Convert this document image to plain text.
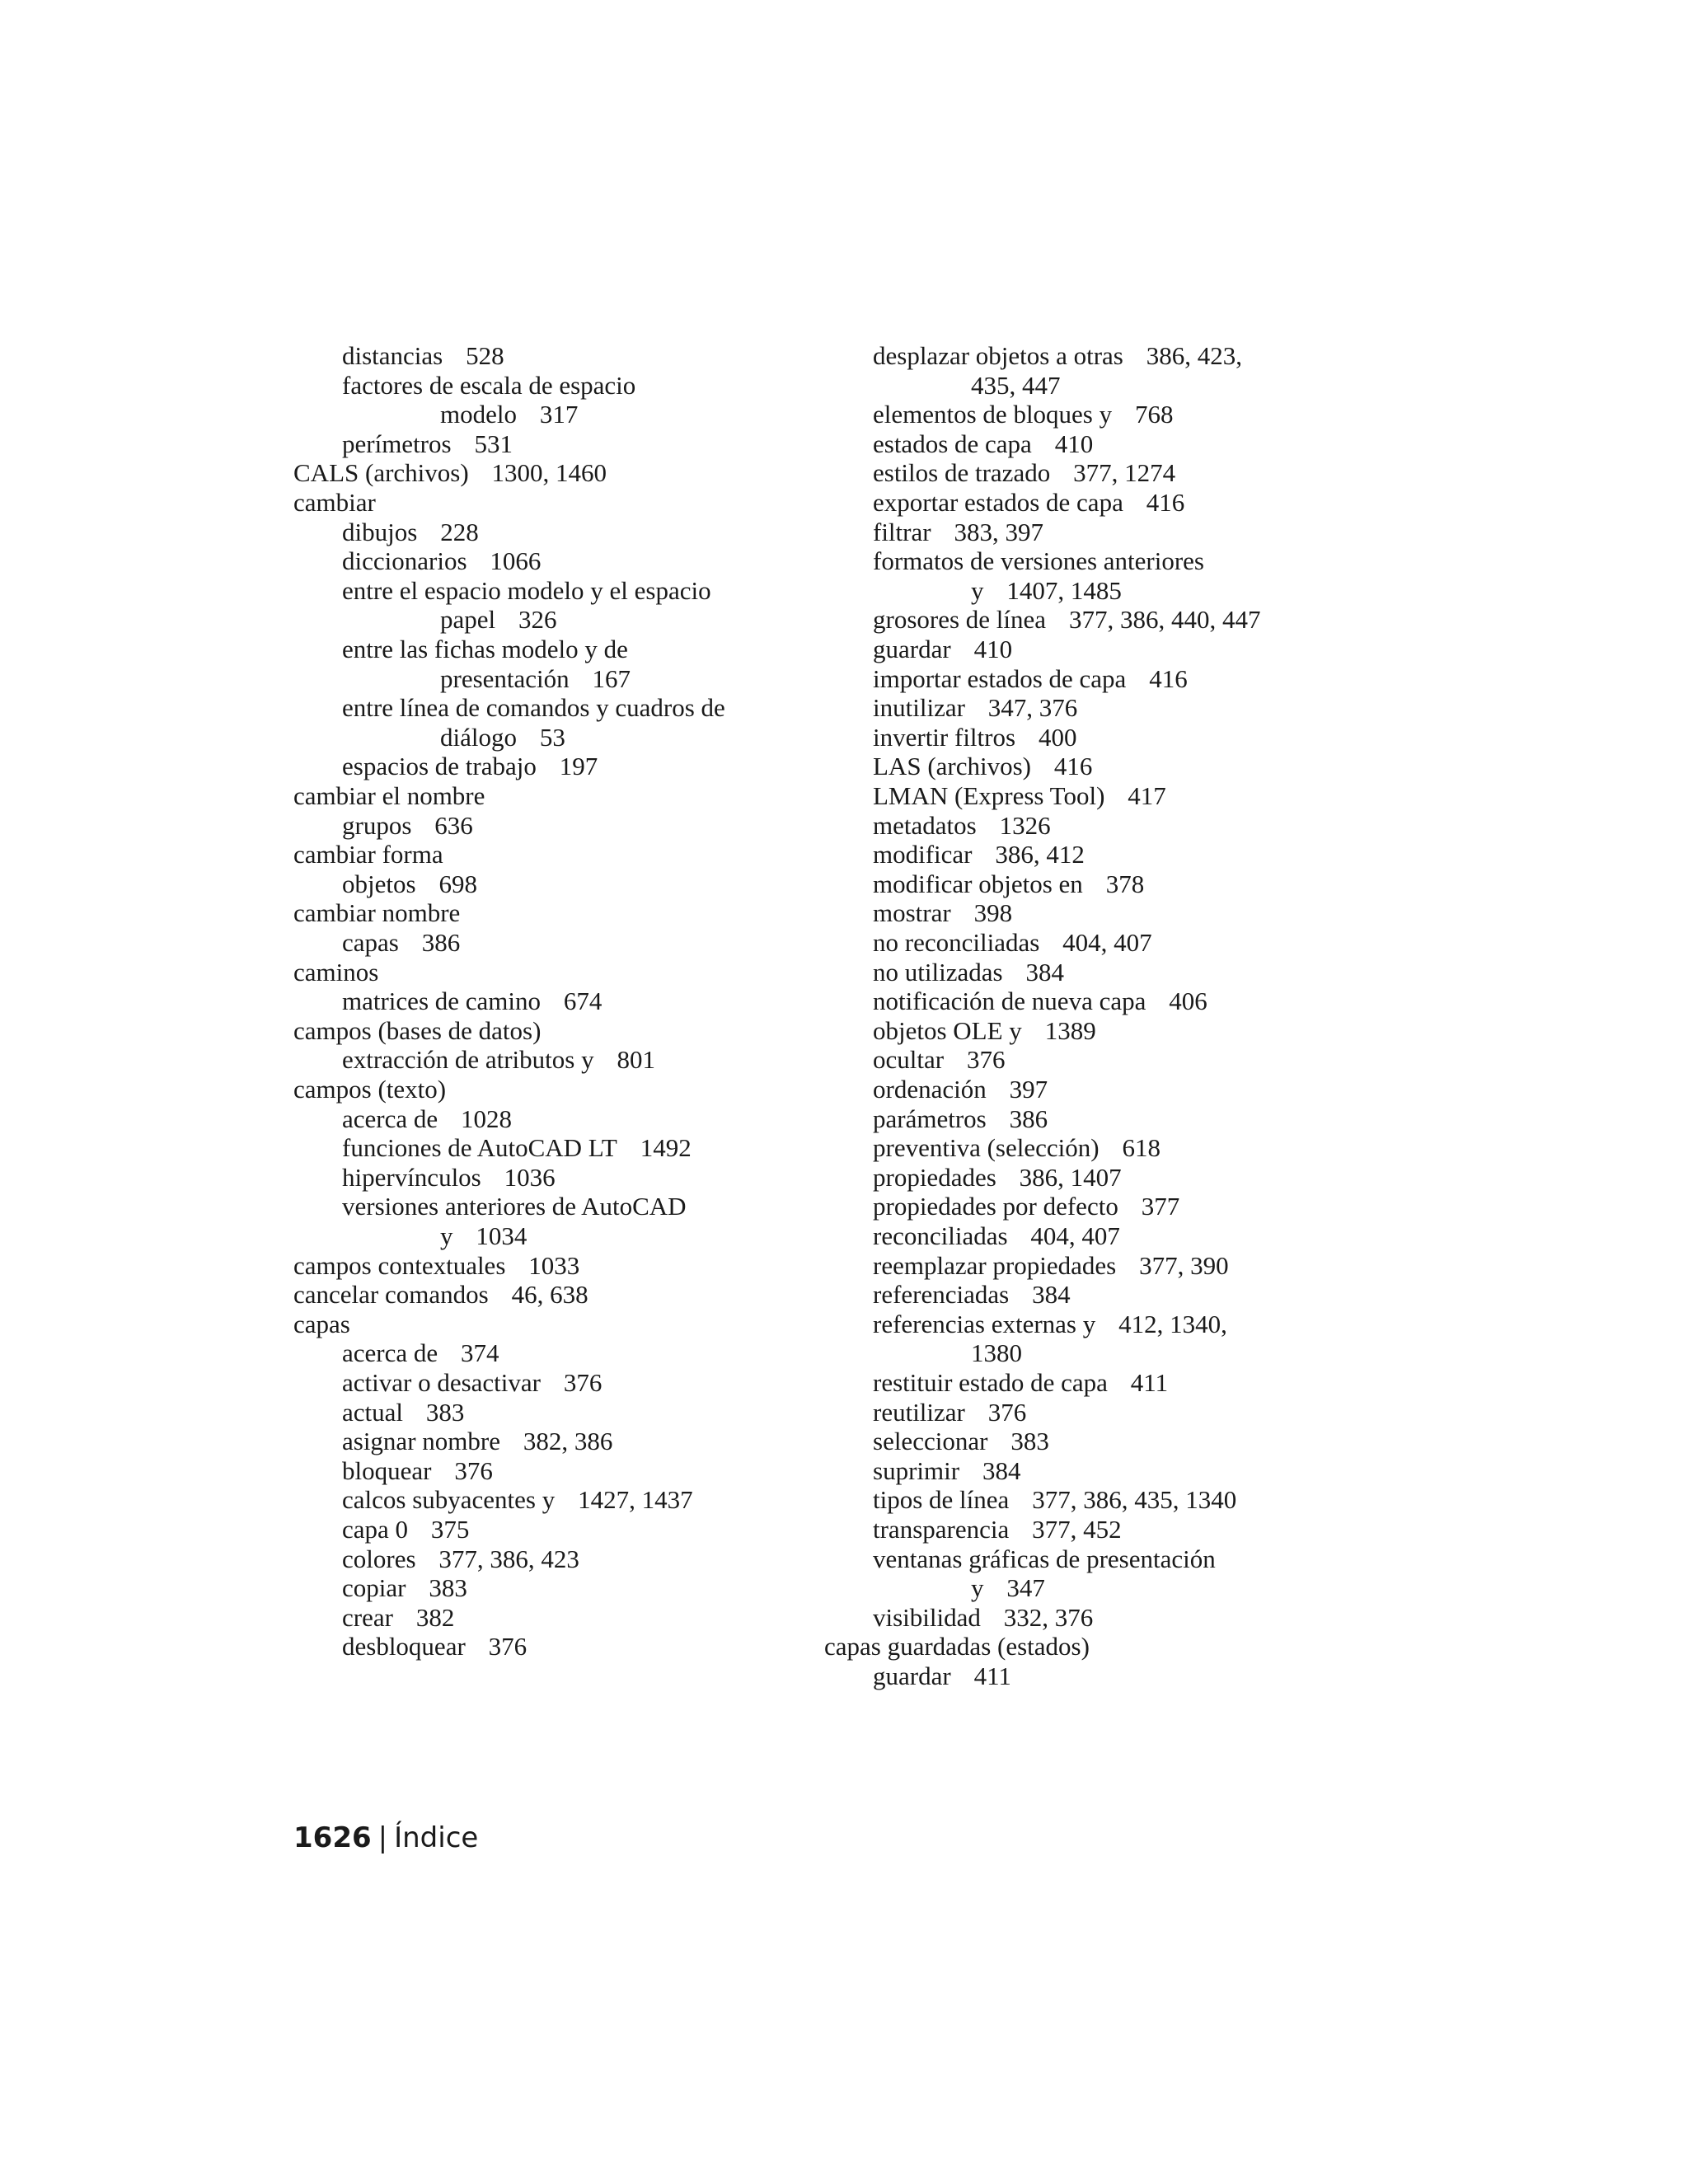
distancias 528
factores de escala de espacio
modelo 317
perímetros 531
CALS (archivos) 1300, 1460
cambiar
dibujos 228
diccionarios 1066
entre el espacio modelo y el espacio
papel 326
entre las fichas modelo y de
presentación 167
entre línea de comandos y cuadros de
diálogo 53
espacios de trabajo 197
cambiar el nombre
grupos 636
cambiar forma
objetos 698
cambiar nombre
capas 386
caminos
matrices de camino 674
campos (bases de datos)
extracción de atributos y 801
campos (texto)
acerca de 1028
funciones de AutoCAD LT 1492
hipervínculos 1036
versiones anteriores de AutoCAD
y 1034
campos contextuales 1033
cancelar comandos 46, 638
capas
acerca de 374
activar o desactivar 376
actual 383
asignar nombre 382, 386
bloquear 376
calcos subyacentes y 1427, 1437
capa 0 375
colores 377, 386, 423
copiar 383
crear 382
desbloquear 376
desplazar objetos a otras 386, 423,
435, 447
elementos de bloques y 768
estados de capa 410
estilos de trazado 377, 1274
exportar estados de capa 416
filtrar 383, 397
formatos de versiones anteriores
y 1407, 1485
grosores de línea 377, 386, 440, 447
guardar 410
importar estados de capa 416
inutilizar 347, 376
invertir filtros 400
LAS (archivos) 416
LMAN (Express Tool) 417
metadatos 1326
modificar 386, 412
modificar objetos en 378
mostrar 398
no reconciliadas 404, 407
no utilizadas 384
notificación de nueva capa 406
objetos OLE y 1389
ocultar 376
ordenación 397
parámetros 386
preventiva (selección) 618
propiedades 386, 1407
propiedades por defecto 377
reconciliadas 404, 407
reemplazar propiedades 377, 390
referenciadas 384
referencias externas y 412, 1340,
1380
restituir estado de capa 411
reutilizar 376
seleccionar 383
suprimir 384
tipos de línea 377, 386, 435, 1340
transparencia 377, 452
ventanas gráficas de presentación
y 347
visibilidad 332, 376
capas guardadas (estados)
guardar 411
1626 | Índice
